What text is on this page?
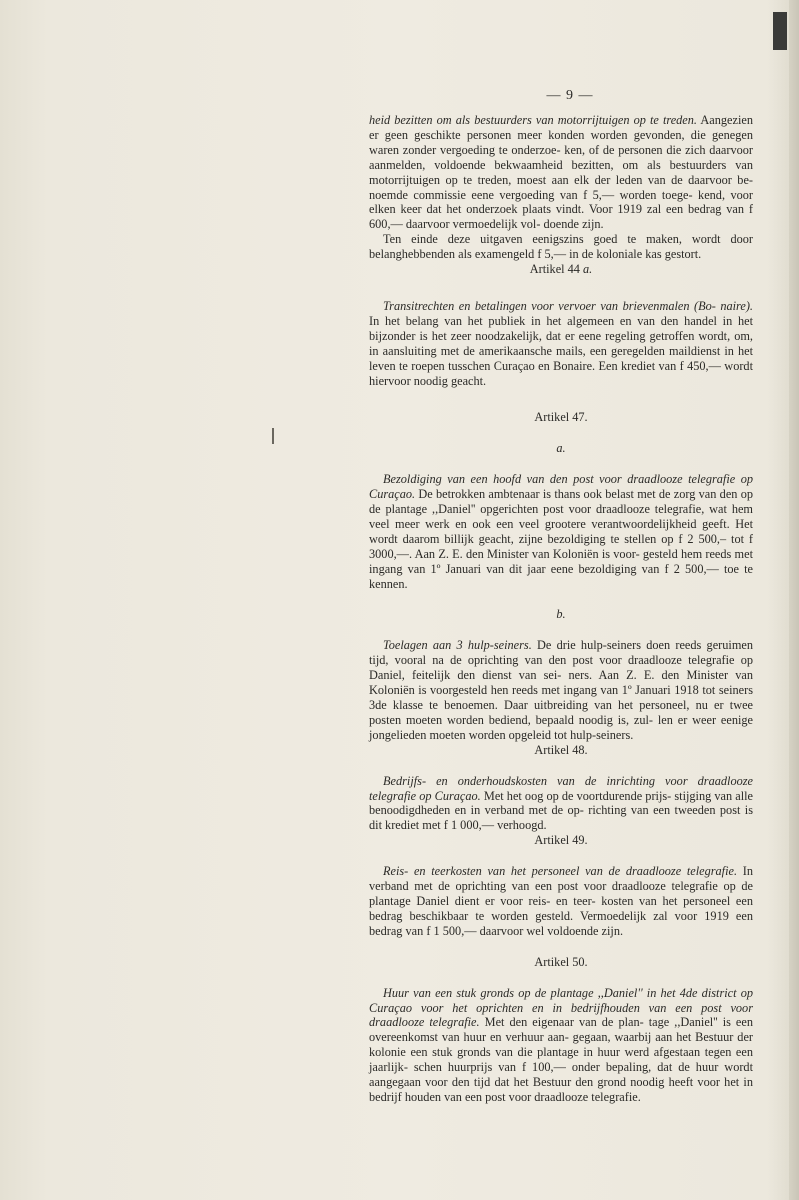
— 9 —

heid bezitten om als bestuurders van motorrijtuigen op te treden. Aangezien er geen geschikte personen meer konden worden gevonden, die genegen waren zonder vergoeding te onderzoe- ken, of de personen die zich daarvoor aanmelden, voldoende bekwaamheid bezitten, om als bestuurders van motorrijtuigen op te treden, moest aan elk der leden van de daarvoor be- noemde commissie eene vergoeding van f 5,— worden toege- kend, voor elken keer dat het onderzoek plaats vindt. Voor 1919 zal een bedrag van f 600,— daarvoor vermoedelijk vol- doende zijn.

Ten einde deze uitgaven eenigszins goed te maken, wordt door belanghebbenden als examengeld f 5,— in de koloniale kas gestort.

Artikel 44 a.

Transitrechten en betalingen voor vervoer van brievenmalen (Bo- naire). In het belang van het publiek in het algemeen en van den handel in het bijzonder is het zeer noodzakelijk, dat er eene regeling getroffen wordt, om, in aansluiting met de amerikaansche mails, een geregelden maildienst in het leven te roepen tusschen Curaçao en Bonaire. Een krediet van f 450,— wordt hiervoor noodig geacht.

Artikel 47.

a.

Bezoldiging van een hoofd van den post voor draadlooze telegrafie op Curaçao. De betrokken ambtenaar is thans ook belast met de zorg van den op de plantage ,,Daniel'' opgerichten post voor draadlooze telegrafie, wat hem veel meer werk en ook een veel grootere verantwoordelijkheid geeft. Het wordt daarom billijk geacht, zijne bezoldiging te stellen op f 2 500,– tot f 3000,—. Aan Z. E. den Minister van Koloniën is voor- gesteld hem reeds met ingang van 1º Januari van dit jaar eene bezoldiging van f 2 500,— toe te kennen.

b.

Toelagen aan 3 hulp-seiners. De drie hulp-seiners doen reeds geruimen tijd, vooral na de oprichting van den post voor draadlooze telegrafie op Daniel, feitelijk den dienst van sei- ners. Aan Z. E. den Minister van Koloniën is voorgesteld hen reeds met ingang van 1º Januari 1918 tot seiners 3de klasse te benoemen. Daar uitbreiding van het personeel, nu er twee posten moeten worden bediend, bepaald noodig is, zul- len er weer eenige jongelieden moeten worden opgeleid tot hulp-seiners.

Artikel 48.

Bedrijfs- en onderhoudskosten van de inrichting voor draadlooze telegrafie op Curaçao. Met het oog op de voortdurende prijs- stijging van alle benoodigdheden en in verband met de op- richting van een tweeden post is dit krediet met f 1 000,— verhoogd.

Artikel 49.

Reis- en teerkosten van het personeel van de draadlooze telegrafie. In verband met de oprichting van een post voor draadlooze telegrafie op de plantage Daniel dient er voor reis- en teer- kosten van het personeel een bedrag beschikbaar te worden gesteld. Vermoedelijk zal voor 1919 een bedrag van f 1 500,— daarvoor wel voldoende zijn.

Artikel 50.

Huur van een stuk gronds op de plantage ,,Daniel'' in het 4de district op Curaçao voor het oprichten en in bedrijfhouden van een post voor draadlooze telegrafie. Met den eigenaar van de plan- tage ,,Daniel'' is een overeenkomst van huur en verhuur aan- gegaan, waarbij aan het Bestuur der kolonie een stuk gronds van die plantage in huur werd afgestaan tegen een jaarlijk- schen huurprijs van f 100,— onder bepaling, dat de huur wordt aangegaan voor den tijd dat het Bestuur den grond noodig heeft voor het in bedrijf houden van een post voor draadlooze telegrafie.
